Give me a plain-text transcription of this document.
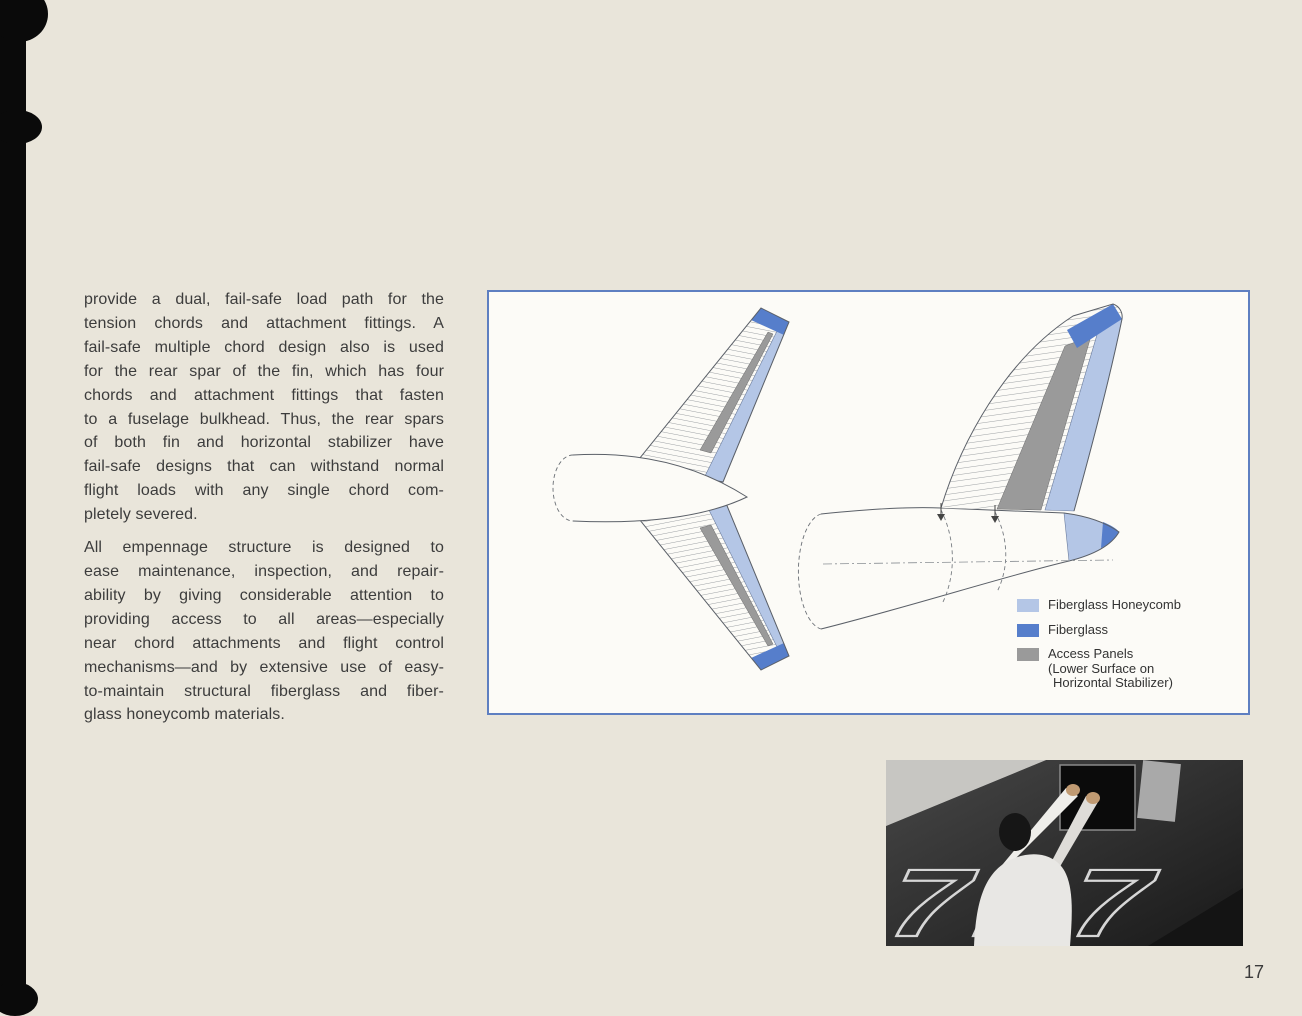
provide a dual, fail-safe load path for the
tension chords and attachment fittings. A
fail-safe multiple chord design also is used
for the rear spar of the fin, which has four
chords and attachment fittings that fasten
to a fuselage bulkhead. Thus, the rear spars
of both fin and horizontal stabilizer have
fail-safe designs that can withstand normal
flight loads with any single chord com-
pletely severed.
All empennage structure is designed to
ease maintenance, inspection, and repair-
ability by giving considerable attention to
providing access to all areas—especially
near chord attachments and flight control
mechanisms—and by extensive use of easy-
to-maintain structural fiberglass and fiber-
glass honeycomb materials.
Fiberglass Honeycomb
Fiberglass
Access Panels
(Lower Surface on
Horizontal Stabilizer)
17
